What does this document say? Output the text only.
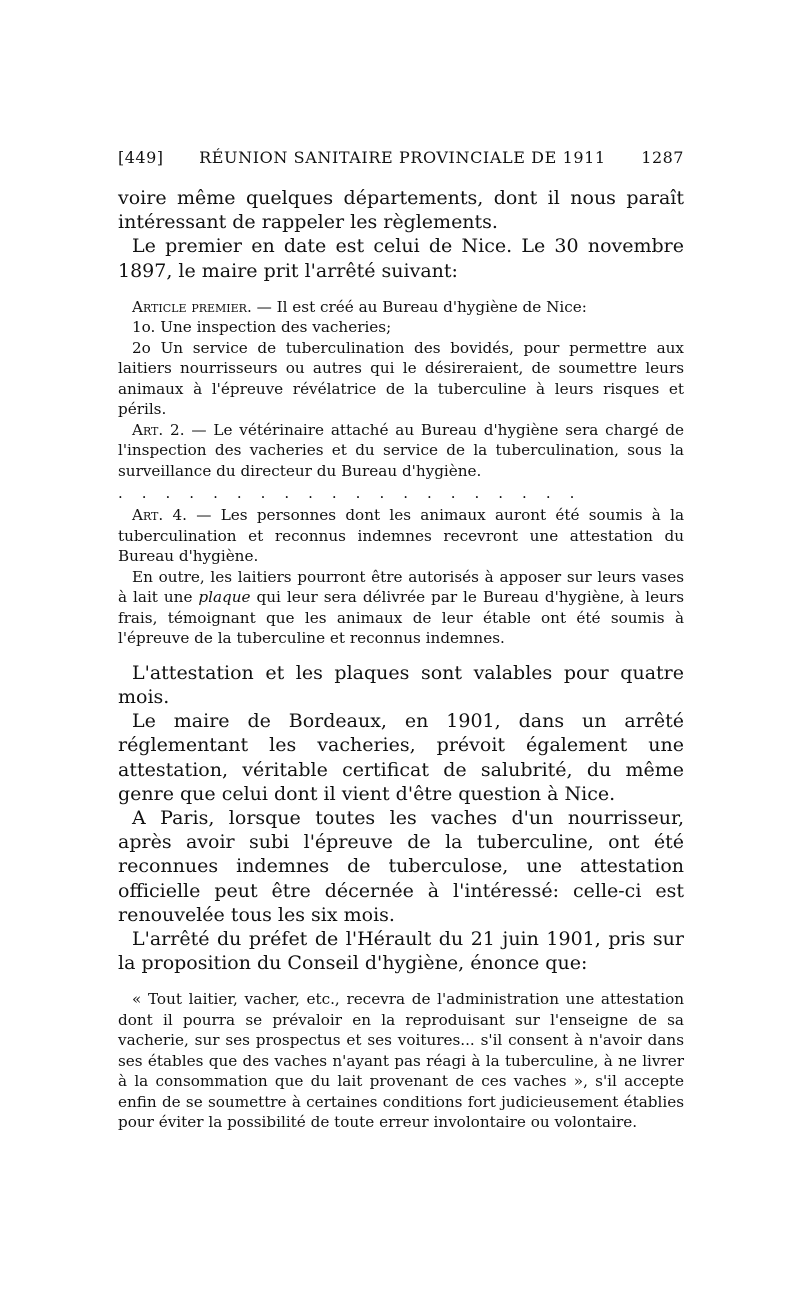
[449] RÉUNION SANITAIRE PROVINCIALE DE 1911 1287

voire même quelques départements, dont il nous paraît intéressant de rappeler les règlements.

Le premier en date est celui de Nice. Le 30 novembre 1897, le maire prit l'arrêté suivant:

Article premier. — Il est créé au Bureau d'hygiène de Nice:

1o. Une inspection des vacheries;

2o Un service de tuberculination des bovidés, pour permettre aux laitiers nourrisseurs ou autres qui le désireraient, de soumettre leurs animaux à l'épreuve révélatrice de la tuberculine à leurs risques et périls.

Art. 2. — Le vétérinaire attaché au Bureau d'hygiène sera chargé de l'inspection des vacheries et du service de la tuberculination, sous la surveillance du directeur du Bureau d'hygiène.

....................

Art. 4. — Les personnes dont les animaux auront été soumis à la tuberculination et reconnus indemnes recevront une attestation du Bureau d'hygiène.

En outre, les laitiers pourront être autorisés à apposer sur leurs vases à lait une plaque qui leur sera délivrée par le Bureau d'hygiène, à leurs frais, témoignant que les animaux de leur étable ont été soumis à l'épreuve de la tuberculine et reconnus indemnes.

L'attestation et les plaques sont valables pour quatre mois.

Le maire de Bordeaux, en 1901, dans un arrêté réglementant les vacheries, prévoit également une attestation, véritable certificat de salubrité, du même genre que celui dont il vient d'être question à Nice.

A Paris, lorsque toutes les vaches d'un nourrisseur, après avoir subi l'épreuve de la tuberculine, ont été reconnues indemnes de tuberculose, une attestation officielle peut être décernée à l'intéressé: celle-ci est renouvelée tous les six mois.

L'arrêté du préfet de l'Hérault du 21 juin 1901, pris sur la proposition du Conseil d'hygiène, énonce que:

« Tout laitier, vacher, etc., recevra de l'administration une attestation dont il pourra se prévaloir en la reproduisant sur l'enseigne de sa vacherie, sur ses prospectus et ses voitures... s'il consent à n'avoir dans ses étables que des vaches n'ayant pas réagi à la tuberculine, à ne livrer à la consommation que du lait provenant de ces vaches », s'il accepte enfin de se soumettre à certaines conditions fort judicieusement établies pour éviter la possibilité de toute erreur involontaire ou volontaire.
